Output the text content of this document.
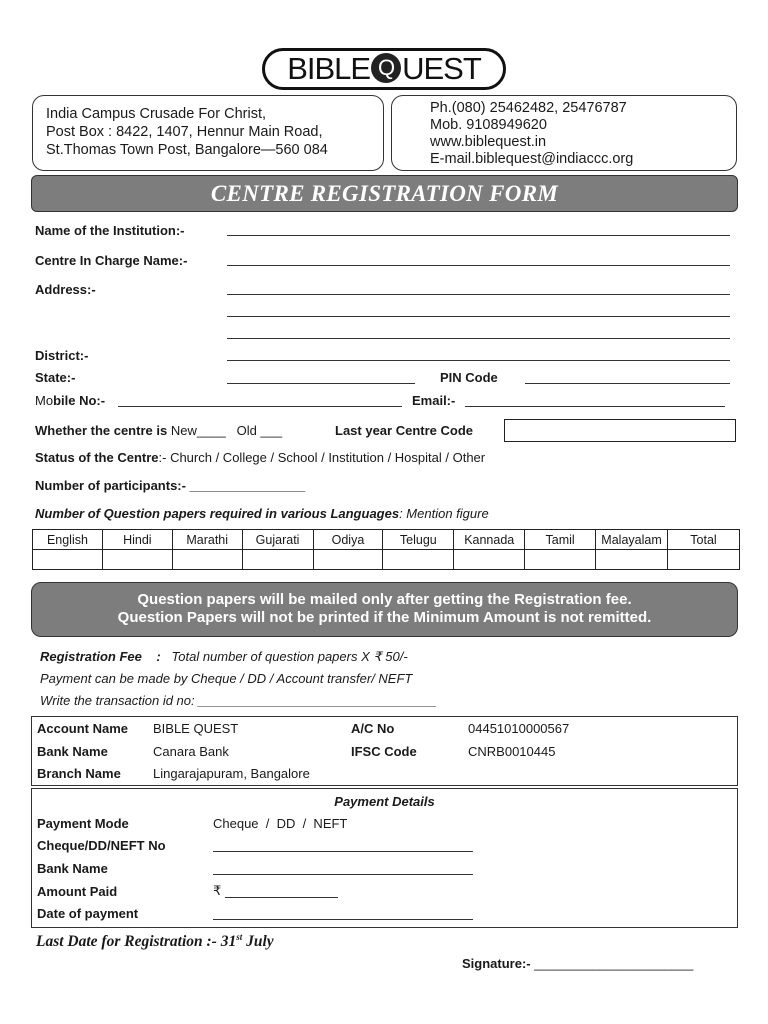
BIBLE Q UEST
India Campus Crusade For Christ,
Post Box : 8422, 1407, Hennur Main Road,
St.Thomas Town Post, Bangalore—560 084
Ph.(080) 25462482, 25476787
Mob. 9108949620
www.biblequest.in
E-mail.biblequest@indiaccc.org
CENTRE REGISTRATION FORM
Name of the Institution:-
Centre In Charge Name:-
Address:-
District:-
State:-	PIN Code
Mobile No:-	Email:-
Whether the centre is New____ Old ___	Last year Centre Code
Status of the Centre:- Church / College / School / Institution / Hospital / Other
Number of participants:- ________________
Number of Question papers required in various Languages: Mention figure
English	Hindi	Marathi	Gujarati	Odiya	Telugu	Kannada	Tamil	Malayalam	Total

Question papers will be mailed only after getting the Registration fee.
Question Papers will not be printed if the Minimum Amount is not remitted.
Registration Fee : Total number of question papers X ₹ 50/-
Payment can be made by Cheque / DD / Account transfer/ NEFT
Write the transaction id no: _________________________________
Account Name BIBLE QUEST	A/C No	04451010000567
Bank Name	Canara Bank	IFSC Code	CNRB0010445
Branch Name Lingarajapuram, Bangalore
Payment Details
Payment Mode	Cheque  /  DD  /  NEFT
Cheque/DD/NEFT No
Bank Name
Amount Paid	₹
Date of payment
Last Date for Registration :- 31st July
Signature:- ______________________
